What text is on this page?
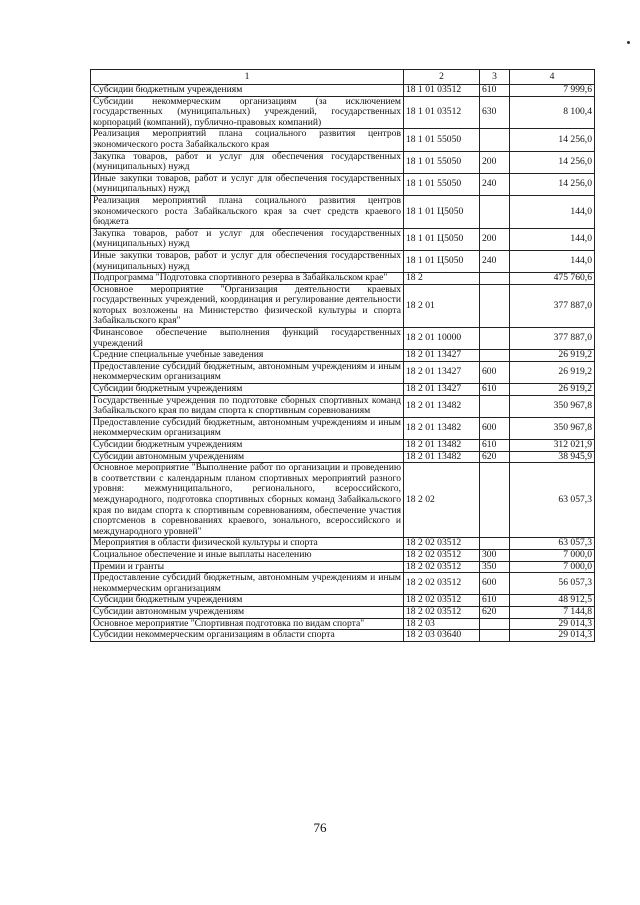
1	2	3	4
Субсидии бюджетным учреждениям	18 1 01 03512	610	7 999,6
Субсидии некоммерческим организациям (за исключением государственных (муниципальных) учреждений, государственных корпораций (компаний), публично-правовых компаний)	18 1 01 03512	630	8 100,4
Реализация мероприятий плана социального развития центров экономического роста Забайкальского края	18 1 01 55050		14 256,0
Закупка товаров, работ и услуг для обеспечения государственных (муниципальных) нужд	18 1 01 55050	200	14 256,0
Иные закупки товаров, работ и услуг для обеспечения государственных (муниципальных) нужд	18 1 01 55050	240	14 256,0
Реализация мероприятий плана социального развития центров экономического роста Забайкальского края за счет средств краевого бюджета	18 1 01 Ц5050		144,0
Закупка товаров, работ и услуг для обеспечения государственных (муниципальных) нужд	18 1 01 Ц5050	200	144,0
Иные закупки товаров, работ и услуг для обеспечения государственных (муниципальных) нужд	18 1 01 Ц5050	240	144,0
Подпрограмма "Подготовка спортивного резерва в Забайкальском крае"	18 2		475 760,6
Основное мероприятие "Организация деятельности краевых государственных учреждений, координация и регулирование деятельности которых возложены на Министерство физической культуры и спорта Забайкальского края"	18 2 01		377 887,0
Финансовое обеспечение выполнения функций государственных учреждений	18 2 01 10000		377 887,0
Средние специальные учебные заведения	18 2 01 13427		26 919,2
Предоставление субсидий бюджетным, автономным учреждениям и иным некоммерческим организациям	18 2 01 13427	600	26 919,2
Субсидии бюджетным учреждениям	18 2 01 13427	610	26 919,2
Государственные учреждения по подготовке сборных спортивных команд Забайкальского края по видам спорта к спортивным соревнованиям	18 2 01 13482		350 967,8
Предоставление субсидий бюджетным, автономным учреждениям и иным некоммерческим организациям	18 2 01 13482	600	350 967,8
Субсидии бюджетным учреждениям	18 2 01 13482	610	312 021,9
Субсидии автономным учреждениям	18 2 01 13482	620	38 945,9
Основное мероприятие "Выполнение работ по организации и проведению в соответствии с календарным планом спортивных мероприятий разного уровня: межмуниципального, регионального, всероссийского, международного, подготовка спортивных сборных команд Забайкальского края по видам спорта к спортивным соревнованиям, обеспечение участия спортсменов в соревнованиях краевого, зонального, всероссийского и международного уровней"	18 2 02		63 057,3
Мероприятия в области физической культуры и спорта	18 2 02 03512		63 057,3
Социальное обеспечение и иные выплаты населению	18 2 02 03512	300	7 000,0
Премии и гранты	18 2 02 03512	350	7 000,0
Предоставление субсидий бюджетным, автономным учреждениям и иным некоммерческим организациям	18 2 02 03512	600	56 057,3
Субсидии бюджетным учреждениям	18 2 02 03512	610	48 912,5
Субсидии автономным учреждениям	18 2 02 03512	620	7 144,8
Основное мероприятие "Спортивная подготовка по видам спорта"	18 2 03		29 014,3
Субсидии некоммерческим организациям в области спорта	18 2 03 03640		29 014,3
76
